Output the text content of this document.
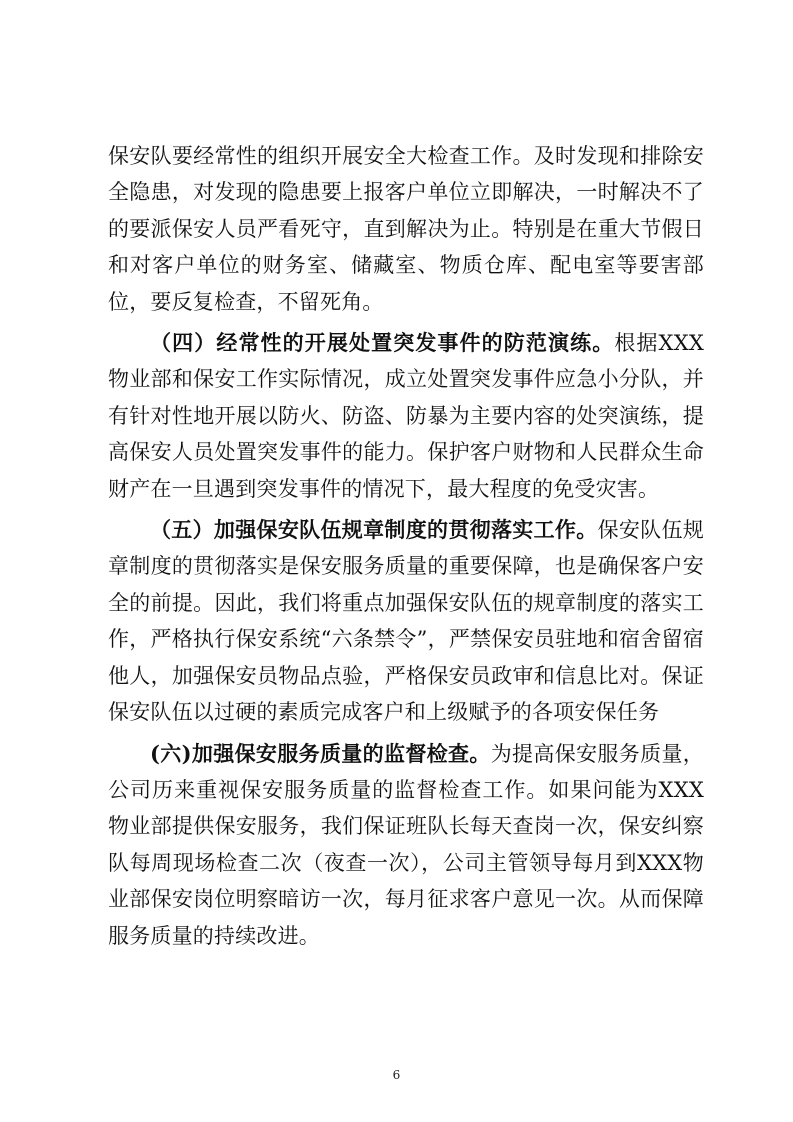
保安队要经常性的组织开展安全大检查工作。及时发现和排除安全隐患，对发现的隐患要上报客户单位立即解决，一时解决不了的要派保安人员严看死守，直到解决为止。特别是在重大节假日和对客户单位的财务室、储藏室、物质仓库、配电室等要害部位，要反复检查，不留死角。

（四）经常性的开展处置突发事件的防范演练。根据XXX物业部和保安工作实际情况，成立处置突发事件应急小分队，并有针对性地开展以防火、防盗、防暴为主要内容的处突演练，提高保安人员处置突发事件的能力。保护客户财物和人民群众生命财产在一旦遇到突发事件的情况下，最大程度的免受灾害。

（五）加强保安队伍规章制度的贯彻落实工作。保安队伍规章制度的贯彻落实是保安服务质量的重要保障，也是确保客户安全的前提。因此，我们将重点加强保安队伍的规章制度的落实工作，严格执行保安系统“六条禁令”，严禁保安员驻地和宿舍留宿他人，加强保安员物品点验，严格保安员政审和信息比对。保证保安队伍以过硬的素质完成客户和上级赋予的各项安保任务

(六)加强保安服务质量的监督检查。为提高保安服务质量，公司历来重视保安服务质量的监督检查工作。如果问能为XXX物业部提供保安服务，我们保证班队长每天查岗一次，保安纠察队每周现场检查二次（夜查一次），公司主管领导每月到XXX物业部保安岗位明察暗访一次，每月征求客户意见一次。从而保障服务质量的持续改进。

6
